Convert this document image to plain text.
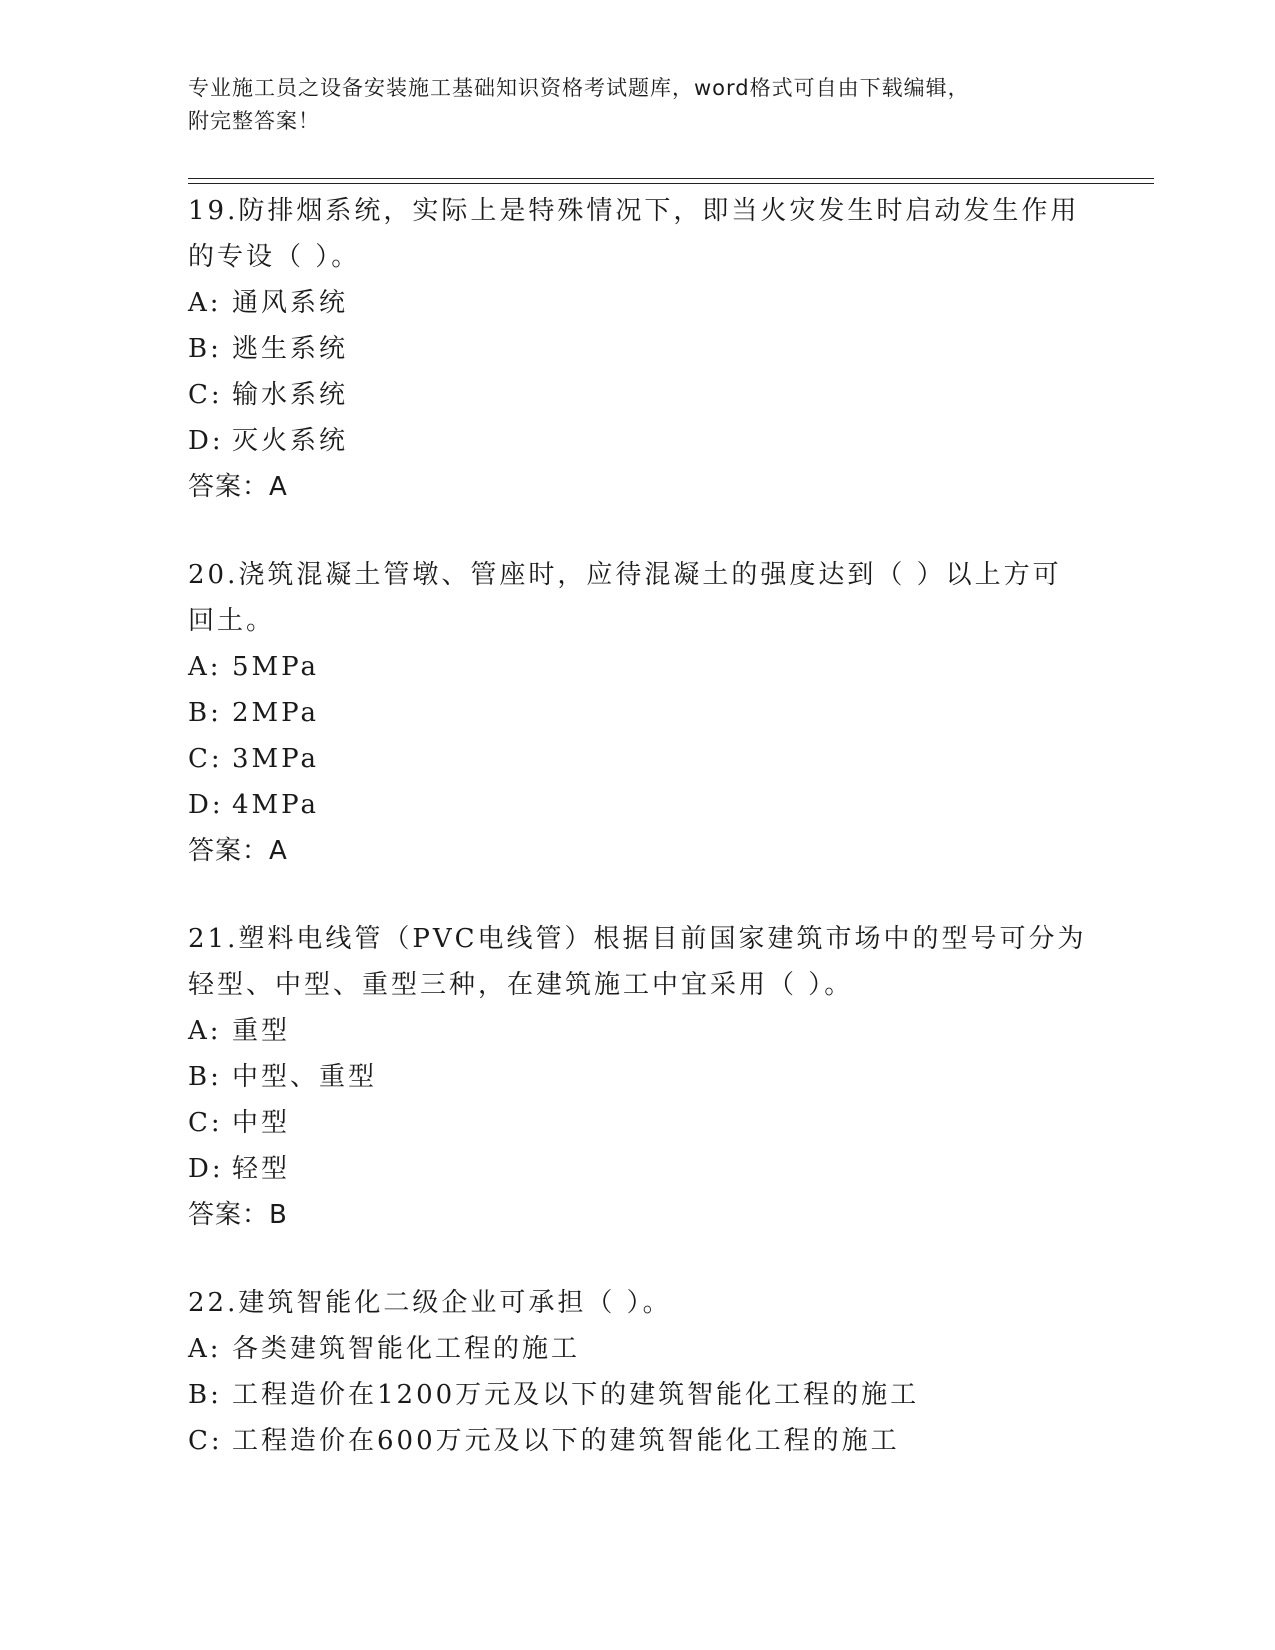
专业施工员之设备安装施工基础知识资格考试题库，word格式可自由下载编辑，
附完整答案！
19.防排烟系统，实际上是特殊情况下，即当火灾发生时启动发生作用的专设（ ）。
A: 通风系统
B: 逃生系统
C: 输水系统
D: 灭火系统
答案：A
20.浇筑混凝土管墩、管座时，应待混凝土的强度达到（ ）以上方可回土。
A: 5MPa
B: 2MPa
C: 3MPa
D: 4MPa
答案：A
21.塑料电线管（PVC电线管）根据目前国家建筑市场中的型号可分为轻型、中型、重型三种，在建筑施工中宜采用（ ）。
A: 重型
B: 中型、重型
C: 中型
D: 轻型
答案：B
22.建筑智能化二级企业可承担（ ）。
A: 各类建筑智能化工程的施工
B: 工程造价在1200万元及以下的建筑智能化工程的施工
C: 工程造价在600万元及以下的建筑智能化工程的施工
